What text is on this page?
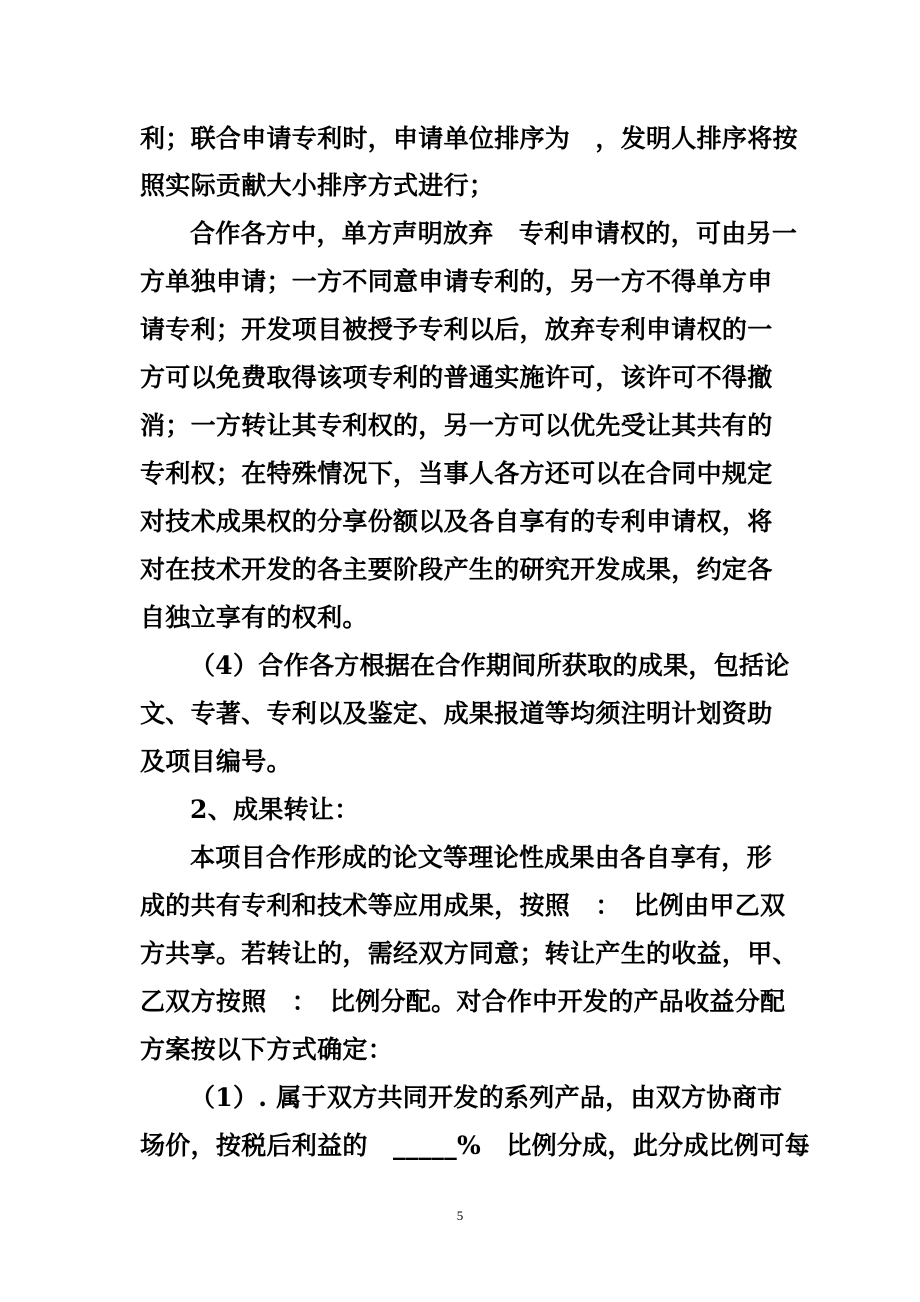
利；联合申请专利时，申请单位排序为　，发明人排序将按
照实际贡献大小排序方式进行；
合作各方中，单方声明放弃　专利申请权的，可由另一
方单独申请；一方不同意申请专利的，另一方不得单方申
请专利；开发项目被授予专利以后，放弃专利申请权的一
方可以免费取得该项专利的普通实施许可，该许可不得撤
消；一方转让其专利权的，另一方可以优先受让其共有的
专利权；在特殊情况下，当事人各方还可以在合同中规定
对技术成果权的分享份额以及各自享有的专利申请权，将
对在技术开发的各主要阶段产生的研究开发成果，约定各
自独立享有的权利。
（4）合作各方根据在合作期间所获取的成果，包括论
文、专著、专利以及鉴定、成果报道等均须注明计划资助
及项目编号。
2、成果转让：
本项目合作形成的论文等理论性成果由各自享有，形
成的共有专利和技术等应用成果，按照　：　比例由甲乙双
方共享。若转让的，需经双方同意；转让产生的收益，甲、
乙双方按照　：　比例分配。对合作中开发的产品收益分配
方案按以下方式确定：
（1）. 属于双方共同开发的系列产品，由双方协商市
场价，按税后利益的　_____%　比例分成，此分成比例可每
5
